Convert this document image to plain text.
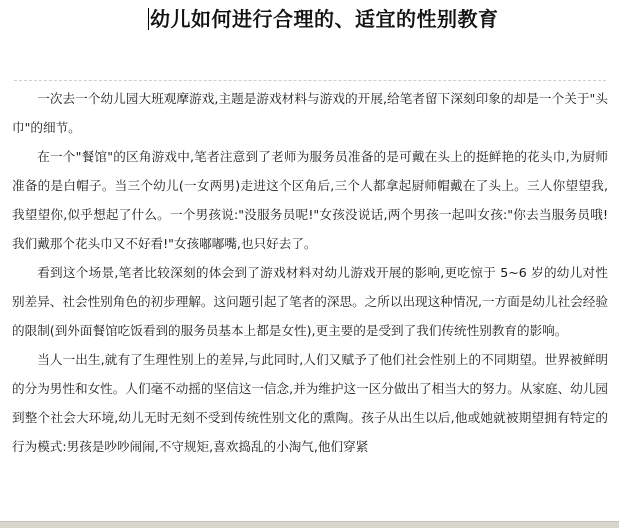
幼儿如何进行合理的、适宜的性别教育

一次去一个幼儿园大班观摩游戏,主题是游戏材料与游戏的开展,给笔者留下深刻印象的却是一个关于"头巾"的细节。

在一个"餐馆"的区角游戏中,笔者注意到了老师为服务员准备的是可戴在头上的挺鲜艳的花头巾,为厨师准备的是白帽子。当三个幼儿(一女两男)走进这个区角后,三个人都拿起厨师帽戴在了头上。三人你望望我,我望望你,似乎想起了什么。一个男孩说:"没服务员呢!"女孩没说话,两个男孩一起叫女孩:"你去当服务员哦!我们戴那个花头巾又不好看!"女孩嘟嘟嘴,也只好去了。

看到这个场景,笔者比较深刻的体会到了游戏材料对幼儿游戏开展的影响,更吃惊于 5~6 岁的幼儿对性别差异、社会性别角色的初步理解。这问题引起了笔者的深思。之所以出现这种情况,一方面是幼儿社会经验的限制(到外面餐馆吃饭看到的服务员基本上都是女性),更主要的是受到了我们传统性别教育的影响。

当人一出生,就有了生理性别上的差异,与此同时,人们又赋予了他们社会性别上的不同期望。世界被鲜明的分为男性和女性。人们毫不动摇的坚信这一信念,并为维护这一区分做出了相当大的努力。从家庭、幼儿园到整个社会大环境,幼儿无时无刻不受到传统性别文化的熏陶。孩子从出生以后,他或她就被期望拥有特定的行为模式:男孩是吵吵闹闹,不守规矩,喜欢捣乱的小淘气,他们穿紧
